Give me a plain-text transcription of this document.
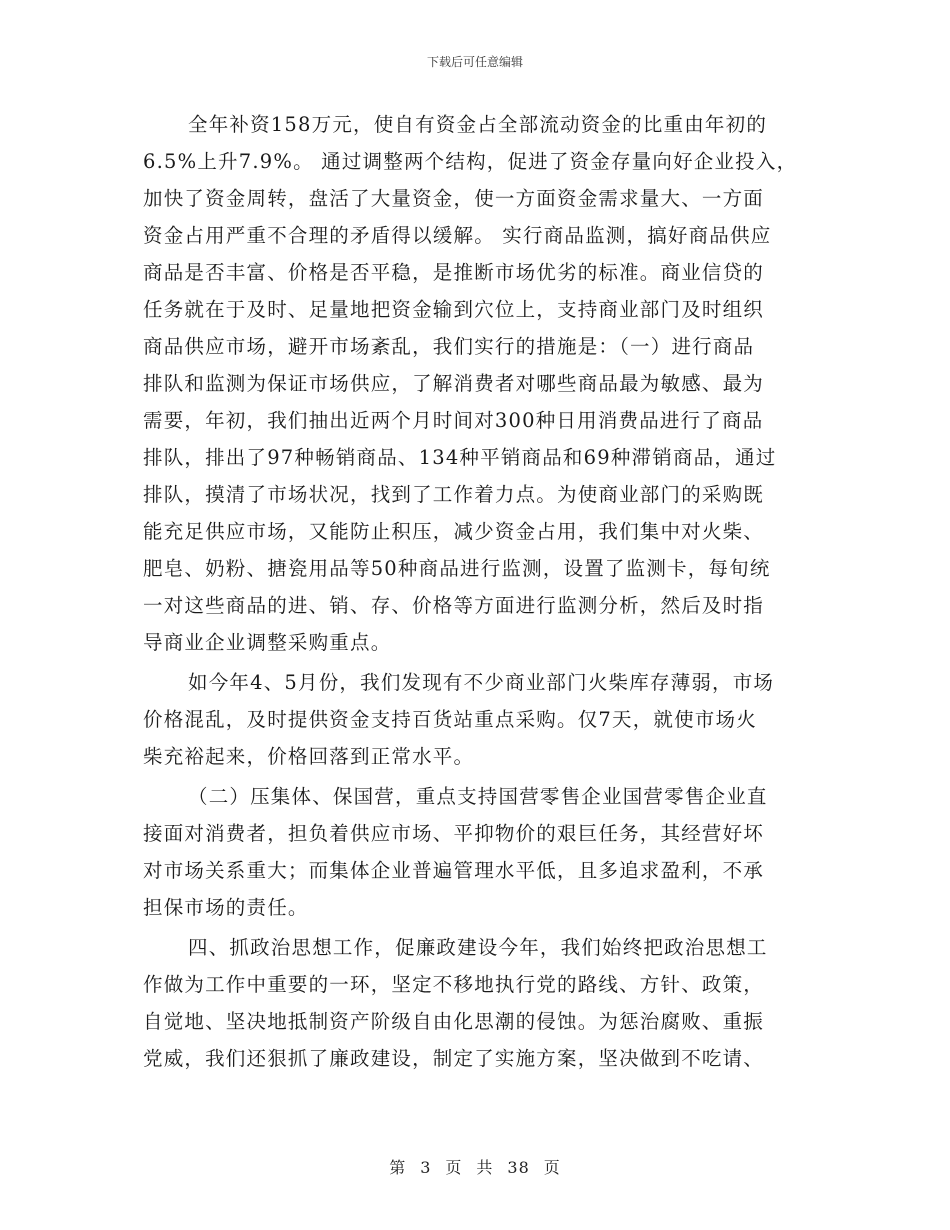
下载后可任意编辑
全年补资158万元，使自有资金占全部流动资金的比重由年初的
6.5%上升7.9%。 通过调整两个结构，促进了资金存量向好企业投入，
加快了资金周转，盘活了大量资金，使一方面资金需求量大、一方面
资金占用严重不合理的矛盾得以缓解。 实行商品监测，搞好商品供应
商品是否丰富、价格是否平稳，是推断市场优劣的标准。商业信贷的
任务就在于及时、足量地把资金输到穴位上，支持商业部门及时组织
商品供应市场，避开市场紊乱，我们实行的措施是：（一）进行商品
排队和监测为保证市场供应，了解消费者对哪些商品最为敏感、最为
需要，年初，我们抽出近两个月时间对300种日用消费品进行了商品
排队，排出了97种畅销商品、134种平销商品和69种滞销商品，通过
排队，摸清了市场状况，找到了工作着力点。为使商业部门的采购既
能充足供应市场，又能防止积压，减少资金占用，我们集中对火柴、
肥皂、奶粉、搪瓷用品等50种商品进行监测，设置了监测卡，每旬统
一对这些商品的进、销、存、价格等方面进行监测分析，然后及时指
导商业企业调整采购重点。
如今年4、5月份，我们发现有不少商业部门火柴库存薄弱，市场
价格混乱，及时提供资金支持百货站重点采购。仅7天，就使市场火
柴充裕起来，价格回落到正常水平。
（二）压集体、保国营，重点支持国营零售企业国营零售企业直
接面对消费者，担负着供应市场、平抑物价的艰巨任务，其经营好坏
对市场关系重大；而集体企业普遍管理水平低，且多追求盈利，不承
担保市场的责任。
四、抓政治思想工作，促廉政建设今年，我们始终把政治思想工
作做为工作中重要的一环，坚定不移地执行党的路线、方针、政策，
自觉地、坚决地抵制资产阶级自由化思潮的侵蚀。为惩治腐败、重振
党威，我们还狠抓了廉政建设，制定了实施方案，坚决做到不吃请、
第 3 页 共 38 页
